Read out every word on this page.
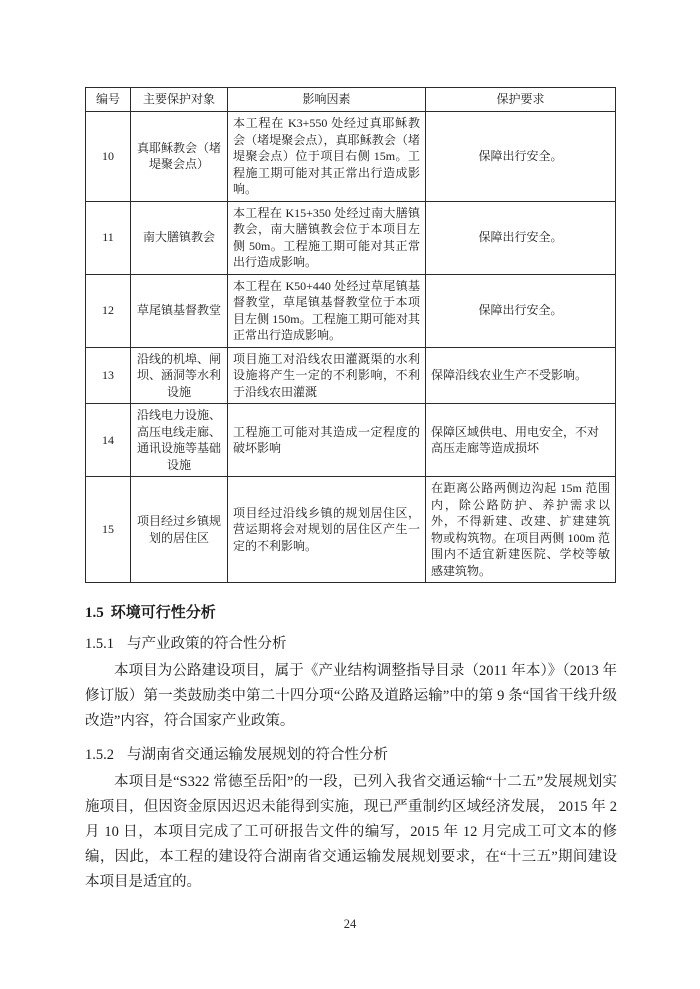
编号	主要保护对象	影响因素	保护要求
10	真耶稣教会（堵堤聚会点）	本工程在 K3+550 处经过真耶稣教会（堵堤聚会点），真耶稣教会（堵堤聚会点）位于项目右侧 15m。工程施工期可能对其正常出行造成影响。	保障出行安全。
11	南大膳镇教会	本工程在 K15+350 处经过南大膳镇教会，南大膳镇教会位于本项目左侧 50m。工程施工期可能对其正常出行造成影响。	保障出行安全。
12	草尾镇基督教堂	本工程在 K50+440 处经过草尾镇基督教堂，草尾镇基督教堂位于本项目左侧 150m。工程施工期可能对其正常出行造成影响。	保障出行安全。
13	沿线的机埠、闸坝、涵洞等水利设施	项目施工对沿线农田灌溉渠的水利设施将产生一定的不利影响，不利于沿线农田灌溉	保障沿线农业生产不受影响。
14	沿线电力设施、高压电线走廊、通讯设施等基础设施	工程施工可能对其造成一定程度的破坏影响	保障区域供电、用电安全，不对高压走廊等造成损坏
15	项目经过乡镇规划的居住区	项目经过沿线乡镇的规划居住区，营运期将会对规划的居住区产生一定的不利影响。	在距离公路两侧边沟起 15m 范围内，除公路防护、养护需求以外，不得新建、改建、扩建建筑物或构筑物。在项目两侧 100m 范围内不适宜新建医院、学校等敏感建筑物。
1.5 环境可行性分析
1.5.1 与产业政策的符合性分析

本项目为公路建设项目，属于《产业结构调整指导目录（2011 年本）》（2013 年修订版）第一类鼓励类中第二十四分项“公路及道路运输”中的第 9 条“国省干线升级改造”内容，符合国家产业政策。

1.5.2 与湖南省交通运输发展规划的符合性分析

本项目是“S322 常德至岳阳”的一段，已列入我省交通运输“十二五”发展规划实施项目，但因资金原因迟迟未能得到实施，现已严重制约区域经济发展， 2015 年 2 月 10 日，本项目完成了工可研报告文件的编写，2015 年 12 月完成工可文本的修编，因此，本工程的建设符合湖南省交通运输发展规划要求，在“十三五”期间建设本项目是适宜的。

24
